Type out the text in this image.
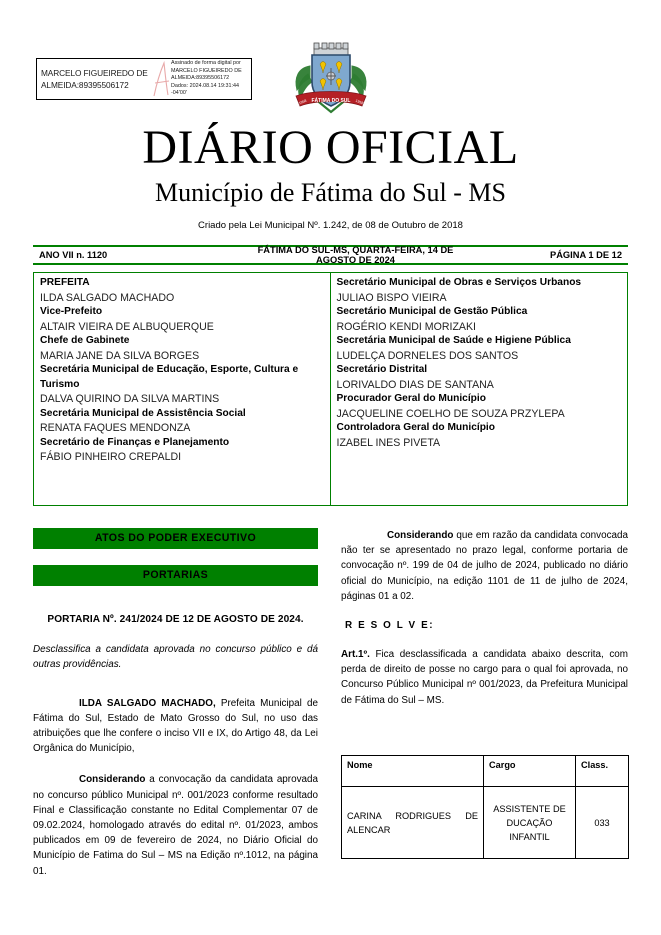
MARCELO FIGUEIREDO DE
ALMEIDA:89395506172
Assinado de forma digital por
MARCELO FIGUEIREDO DE
ALMEIDA:89395506172
Dados: 2024.08.14 19:31:44 -04'00'
FÁTIMA DO SUL
1958	1958
DIÁRIO OFICIAL
Município de Fátima do Sul - MS
Criado pela Lei Municipal Nº. 1.242, de 08 de Outubro de 2018
ANO VII n. 1120	FÁTIMA DO SUL-MS, QUARTA-FEIRA, 14 DE AGOSTO DE 2024	PÁGINA 1 DE 12
PREFEITA
ILDA SALGADO MACHADO
Vice-Prefeito
ALTAIR VIEIRA DE ALBUQUERQUE
Chefe de Gabinete
MARIA JANE DA SILVA BORGES
Secretária Municipal de Educação, Esporte, Cultura e Turismo
DALVA QUIRINO DA SILVA MARTINS
Secretária Municipal de Assistência Social
RENATA FAQUES MENDONZA
Secretário de Finanças e Planejamento
FÁBIO PINHEIRO CREPALDI
Secretário Municipal de Obras e Serviços Urbanos
JULIAO BISPO VIEIRA
Secretário Municipal de Gestão Pública
ROGÉRIO KENDI MORIZAKI
Secretária Municipal de Saúde e Higiene Pública
LUDELÇA DORNELES DOS SANTOS
Secretário Distrital
LORIVALDO DIAS DE SANTANA
Procurador Geral do Município
JACQUELINE COELHO DE SOUZA PRZYLEPA
Controladora Geral do Município
IZABEL INES PIVETA
ATOS DO PODER EXECUTIVO
PORTARIAS
PORTARIA Nº. 241/2024 DE 12 DE AGOSTO DE 2024.
Desclassifica a candidata aprovada no concurso público e dá outras providências.

ILDA SALGADO MACHADO, Prefeita Municipal de Fátima do Sul, Estado de Mato Grosso do Sul, no uso das atribuições que lhe confere o inciso VII e IX, do Artigo 48, da Lei Orgânica do Município,

Considerando a convocação da candidata aprovada no concurso público Municipal nº. 001/2023 conforme resultado Final e Classificação constante no Edital Complementar 07 de 09.02.2024, homologado através do edital nº. 01/2023, ambos publicados em 09 de fevereiro de 2024, no Diário Oficial do Município de Fatima do Sul – MS na Edição nº.1012, na página 01.

Considerando que em razão da candidata convocada não ter se apresentado no prazo legal, conforme portaria de convocação nº. 199 de 04 de julho de 2024, publicado no diário oficial do Município, na edição 1101 de 11 de julho de 2024, páginas 01 a 02.

R E S O L V E:

Art.1º. Fica desclassificada a candidata abaixo descrita, com perda de direito de posse no cargo para o qual foi aprovada, no Concurso Público Municipal nº 001/2023, da Prefeitura Municipal de Fátima do Sul – MS.

Nome	Cargo	Class.
CARINA RODRIGUES DE ALENCAR	ASSISTENTE DE DUCAÇÃO INFANTIL	033
